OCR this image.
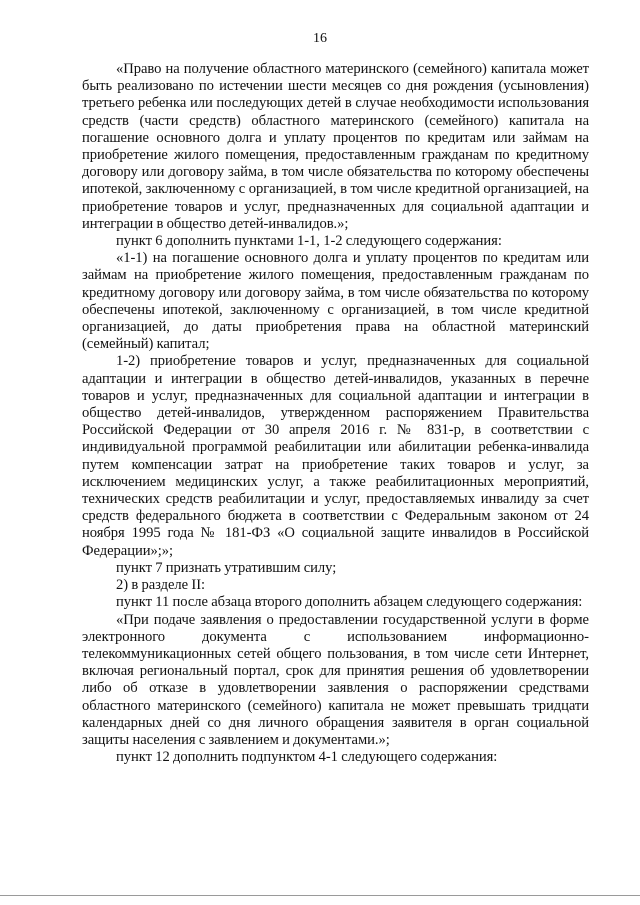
16

«Право на получение областного материнского (семейного) капитала может быть реализовано по истечении шести месяцев со дня рождения (усыновления) третьего ребенка или последующих детей в случае необходимости использования средств (части средств) областного материнского (семейного) капитала на погашение основного долга и уплату процентов по кредитам или займам на приобретение жилого помещения, предоставленным гражданам по кредитному договору или договору займа, в том числе обязательства по которому обеспечены ипотекой, заключенному с организацией, в том числе кредитной организацией, на приобретение товаров и услуг, предназначенных для социальной адаптации и интеграции в общество детей-инвалидов.»;

пункт 6 дополнить пунктами 1-1, 1-2 следующего содержания:

«1-1) на погашение основного долга и уплату процентов по кредитам или займам на приобретение жилого помещения, предоставленным гражданам по кредитному договору или договору займа, в том числе обязательства по которому обеспечены ипотекой, заключенному с организацией, в том числе кредитной организацией, до даты приобретения права на областной материнский (семейный) капитал;

1-2) приобретение товаров и услуг, предназначенных для социальной адаптации и интеграции в общество детей-инвалидов, указанных в перечне товаров и услуг, предназначенных для социальной адаптации и интеграции в общество детей-инвалидов, утвержденном распоряжением Правительства Российской Федерации от 30 апреля 2016 г. № 831-р, в соответствии с индивидуальной программой реабилитации или абилитации ребенка-инвалида путем компенсации затрат на приобретение таких товаров и услуг, за исключением медицинских услуг, а также реабилитационных мероприятий, технических средств реабилитации и услуг, предоставляемых инвалиду за счет средств федерального бюджета в соответствии с Федеральным законом от 24 ноября 1995 года № 181-ФЗ «О социальной защите инвалидов в Российской Федерации»;»;

пункт 7 признать утратившим силу;

2) в разделе II:

пункт 11 после абзаца второго дополнить абзацем следующего содержания:

«При подаче заявления о предоставлении государственной услуги в форме электронного документа с использованием информационно-телекоммуникационных сетей общего пользования, в том числе сети Интернет, включая региональный портал, срок для принятия решения об удовлетворении либо об отказе в удовлетворении заявления о распоряжении средствами областного материнского (семейного) капитала не может превышать тридцати календарных дней со дня личного обращения заявителя в орган социальной защиты населения с заявлением и документами.»;

пункт 12 дополнить подпунктом 4-1 следующего содержания:
